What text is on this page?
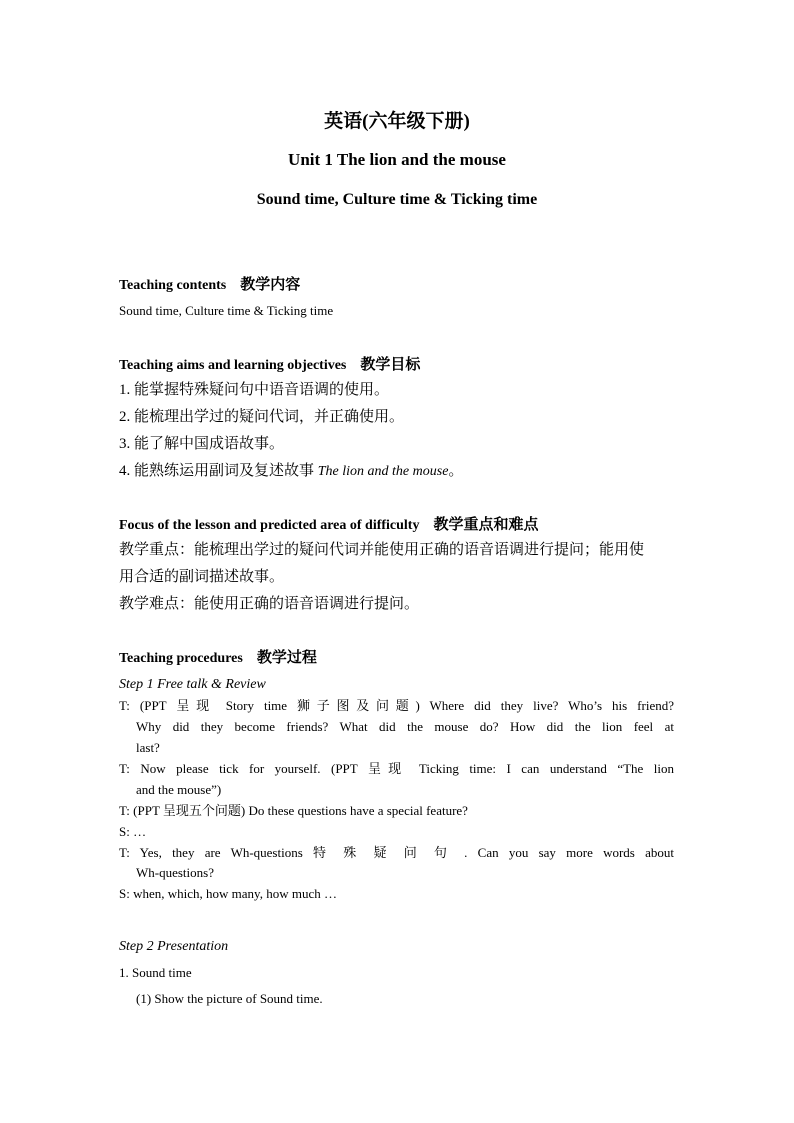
英语(六年级下册)
Unit 1 The lion and the mouse
Sound time, Culture time & Ticking time
Teaching contents 教学内容
Sound time, Culture time & Ticking time
Teaching aims and learning objectives 教学目标
1. 能掌握特殊疑问句中语音语调的使用。
2. 能梳理出学过的疑问代词，并正确使用。
3. 能了解中国成语故事。
4. 能熟练运用副词及复述故事 The lion and the mouse。
Focus of the lesson and predicted area of difficulty 教学重点和难点
教学重点：能梳理出学过的疑问代词并能使用正确的语音语调进行提问；能用使
用合适的副词描述故事。
教学难点：能使用正确的语音语调进行提问。
Teaching procedures 教学过程
Step 1 Free talk & Review
T: (PPT 呈现 Story time 狮子图及问题) Where did they live? Who’s his friend?
Why did they become friends? What did the mouse do? How did the lion feel at
last?
T: Now please tick for yourself. (PPT 呈现 Ticking time: I can understand “The lion
and the mouse”)
T: (PPT 呈现五个问题) Do these questions have a special feature?
S: …
T: Yes, they are Wh-questions 特 殊 疑 问 句 . Can you say more words about
Wh-questions?
S: when, which, how many, how much …
Step 2 Presentation
1. Sound time
(1) Show the picture of Sound time.
